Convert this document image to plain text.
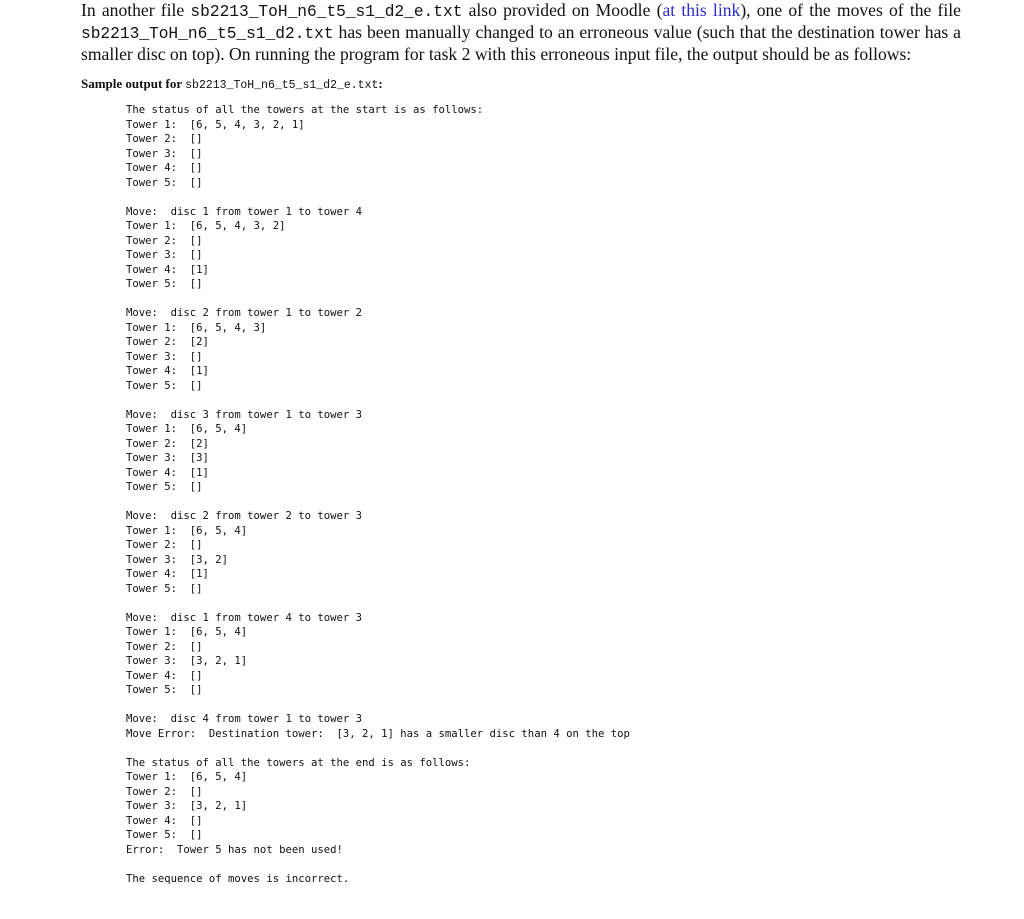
In another file sb2213_ToH_n6_t5_s1_d2_e.txt also provided on Moodle (at this link), one of the moves of the file sb2213_ToH_n6_t5_s1_d2.txt has been manually changed to an erroneous value (such that the destination tower has a smaller disc on top). On running the program for task 2 with this erroneous input file, the output should be as follows:

Sample output for sb2213_ToH_n6_t5_s1_d2_e.txt:
The status of all the towers at the start is as follows:
Tower 1:  [6, 5, 4, 3, 2, 1]
Tower 2:  []
Tower 3:  []
Tower 4:  []
Tower 5:  []
Move:  disc 1 from tower 1 to tower 4
Tower 1:  [6, 5, 4, 3, 2]
Tower 2:  []
Tower 3:  []
Tower 4:  [1]
Tower 5:  []
Move:  disc 2 from tower 1 to tower 2
Tower 1:  [6, 5, 4, 3]
Tower 2:  [2]
Tower 3:  []
Tower 4:  [1]
Tower 5:  []
Move:  disc 3 from tower 1 to tower 3
Tower 1:  [6, 5, 4]
Tower 2:  [2]
Tower 3:  [3]
Tower 4:  [1]
Tower 5:  []
Move:  disc 2 from tower 2 to tower 3
Tower 1:  [6, 5, 4]
Tower 2:  []
Tower 3:  [3, 2]
Tower 4:  [1]
Tower 5:  []
Move:  disc 1 from tower 4 to tower 3
Tower 1:  [6, 5, 4]
Tower 2:  []
Tower 3:  [3, 2, 1]
Tower 4:  []
Tower 5:  []
Move:  disc 4 from tower 1 to tower 3
Move Error:  Destination tower:  [3, 2, 1] has a smaller disc than 4 on the top
The status of all the towers at the end is as follows:
Tower 1:  [6, 5, 4]
Tower 2:  []
Tower 3:  [3, 2, 1]
Tower 4:  []
Tower 5:  []
Error:  Tower 5 has not been used!
The sequence of moves is incorrect.
